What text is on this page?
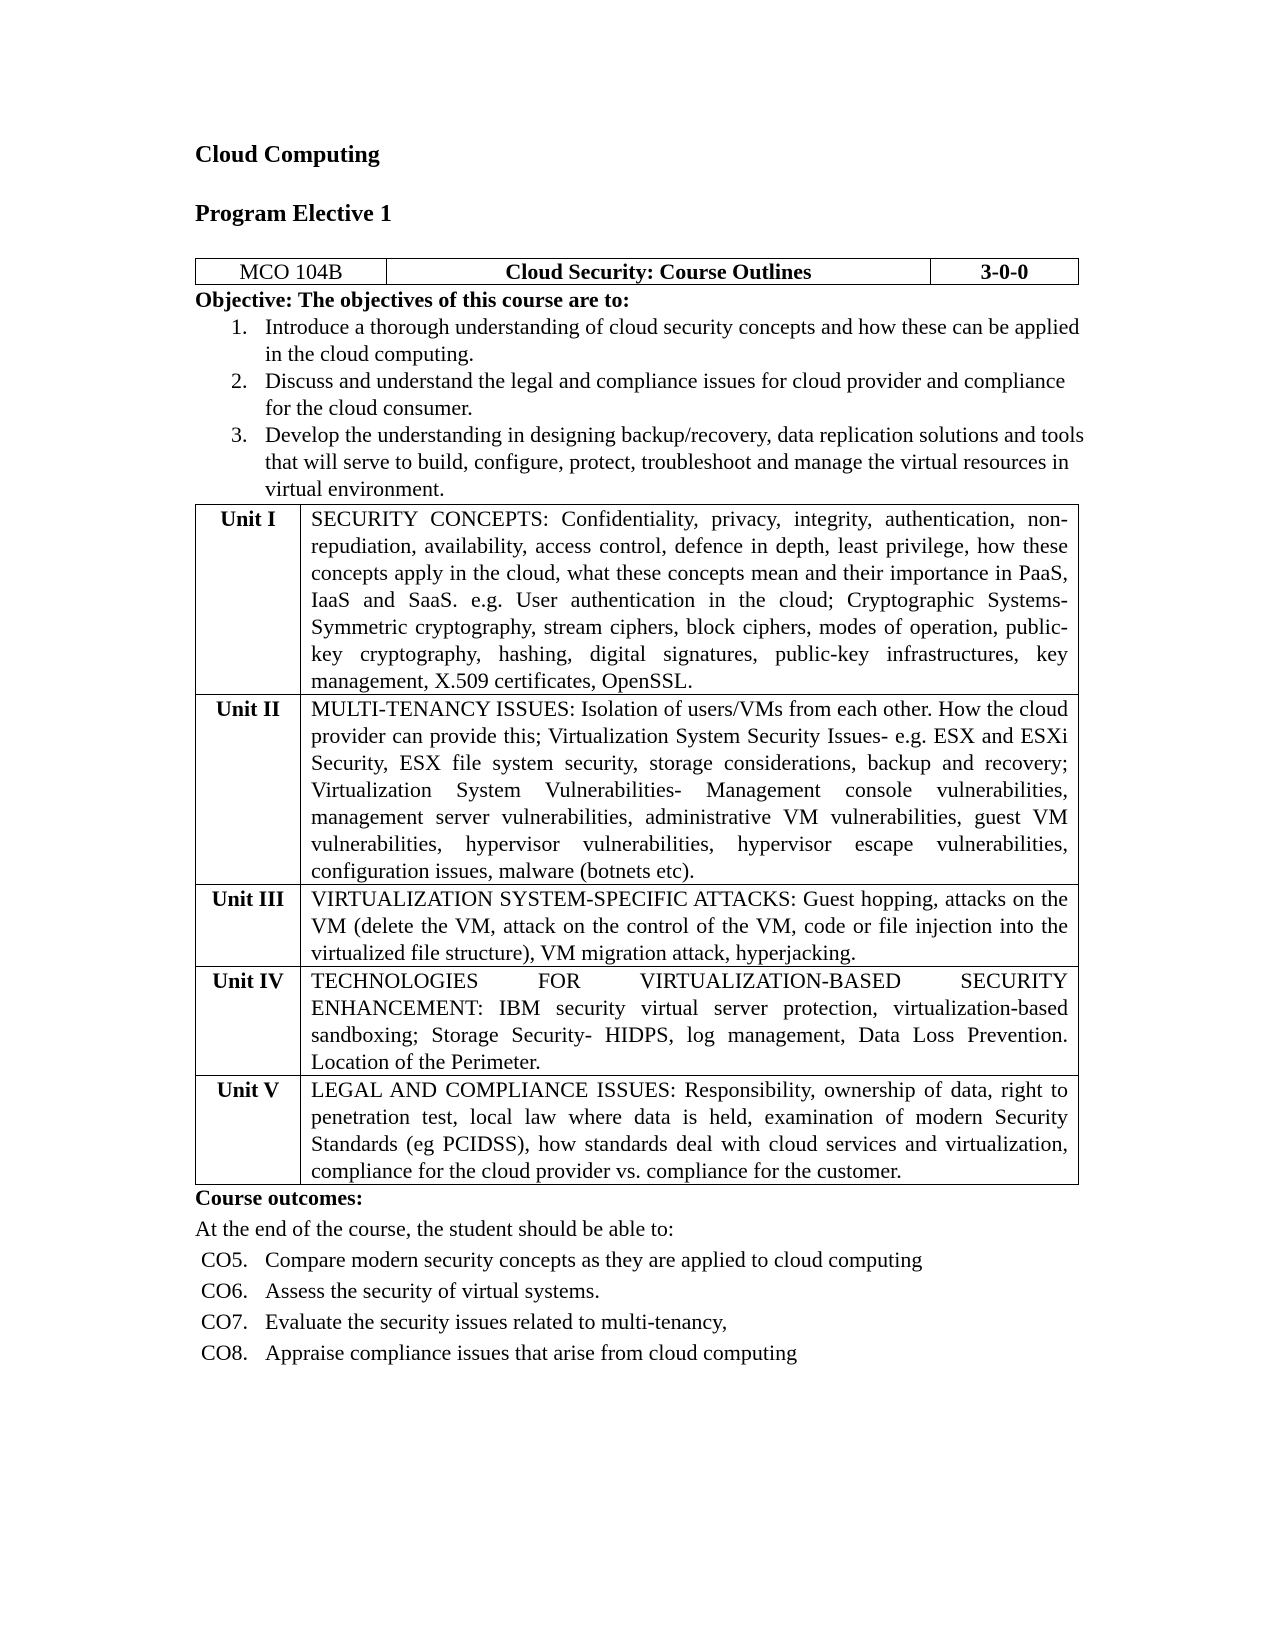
Cloud Computing
Program Elective 1
MCO 104B	Cloud Security: Course Outlines	3-0-0
Objective: The objectives of this course are to:
1. Introduce a thorough understanding of cloud security concepts and how these can be applied in the cloud computing.
2. Discuss and understand the legal and compliance issues for cloud provider and compliance for the cloud consumer.
3. Develop the understanding in designing backup/recovery, data replication solutions and tools that will serve to build, configure, protect, troubleshoot and manage the virtual resources in virtual environment.
Unit I	SECURITY CONCEPTS: Confidentiality, privacy, integrity, authentication, non-repudiation, availability, access control, defence in depth, least privilege, how these concepts apply in the cloud, what these concepts mean and their importance in PaaS, IaaS and SaaS. e.g. User authentication in the cloud; Cryptographic Systems- Symmetric cryptography, stream ciphers, block ciphers, modes of operation, public-key cryptography, hashing, digital signatures, public-key infrastructures, key management, X.509 certificates, OpenSSL.
Unit II	MULTI-TENANCY ISSUES: Isolation of users/VMs from each other. How the cloud provider can provide this; Virtualization System Security Issues- e.g. ESX and ESXi Security, ESX file system security, storage considerations, backup and recovery; Virtualization System Vulnerabilities- Management console vulnerabilities, management server vulnerabilities, administrative VM vulnerabilities, guest VM vulnerabilities, hypervisor vulnerabilities, hypervisor escape vulnerabilities, configuration issues, malware (botnets etc).
Unit III	VIRTUALIZATION SYSTEM-SPECIFIC ATTACKS: Guest hopping, attacks on the VM (delete the VM, attack on the control of the VM, code or file injection into the virtualized file structure), VM migration attack, hyperjacking.
Unit IV	TECHNOLOGIES FOR VIRTUALIZATION-BASED SECURITY ENHANCEMENT: IBM security virtual server protection, virtualization-based sandboxing; Storage Security- HIDPS, log management, Data Loss Prevention. Location of the Perimeter.
Unit V	LEGAL AND COMPLIANCE ISSUES: Responsibility, ownership of data, right to penetration test, local law where data is held, examination of modern Security Standards (eg PCIDSS), how standards deal with cloud services and virtualization, compliance for the cloud provider vs. compliance for the customer.
Course outcomes:
At the end of the course, the student should be able to:
CO5. Compare modern security concepts as they are applied to cloud computing
CO6. Assess the security of virtual systems.
CO7. Evaluate the security issues related to multi-tenancy,
CO8. Appraise compliance issues that arise from cloud computing
